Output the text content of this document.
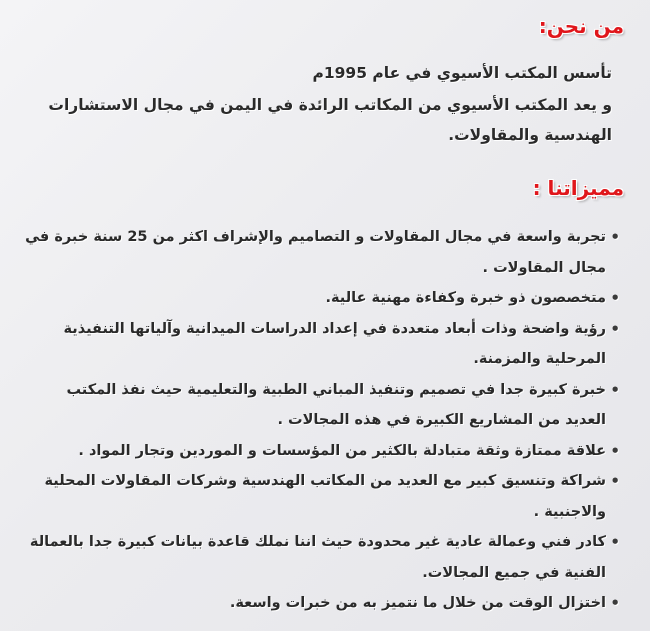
من نحن:
تأسس المكتب الأسيوي في عام 1995م
و يعد المكتب الأسيوي من المكاتب الرائدة في اليمن في مجال الاستشارات
الهندسية والمقاولات.
مميزاتنا :
• تجربة واسعة في مجال المقاولات و التصاميم والإشراف اكثر من 25 سنة خبرة في مجال المقاولات .
• متخصصون ذو خبرة وكفاءة مهنية عالية.
• رؤية واضحة وذات أبعاد متعددة في إعداد الدراسات الميدانية وآلياتها التنفيذية المرحلية والمزمنة.
• خبرة كبيرة جدا في تصميم وتنفيذ المباني الطبية والتعليمية حيث نفذ المكتب العديد من المشاريع الكبيرة في هذه المجالات .
• علاقة ممتازة وثقة متبادلة بالكثير من المؤسسات و الموردين وتجار المواد .
• شراكة وتنسيق كبير مع العديد من المكاتب الهندسية وشركات المقاولات المحلية والاجنبية .
• كادر فني وعمالة عادية غير محدودة حيث اننا نملك قاعدة بيانات كبيرة جدا بالعمالة الفنية في جميع المجالات.
• اختزال الوقت من خلال ما نتميز به من خبرات واسعة.
